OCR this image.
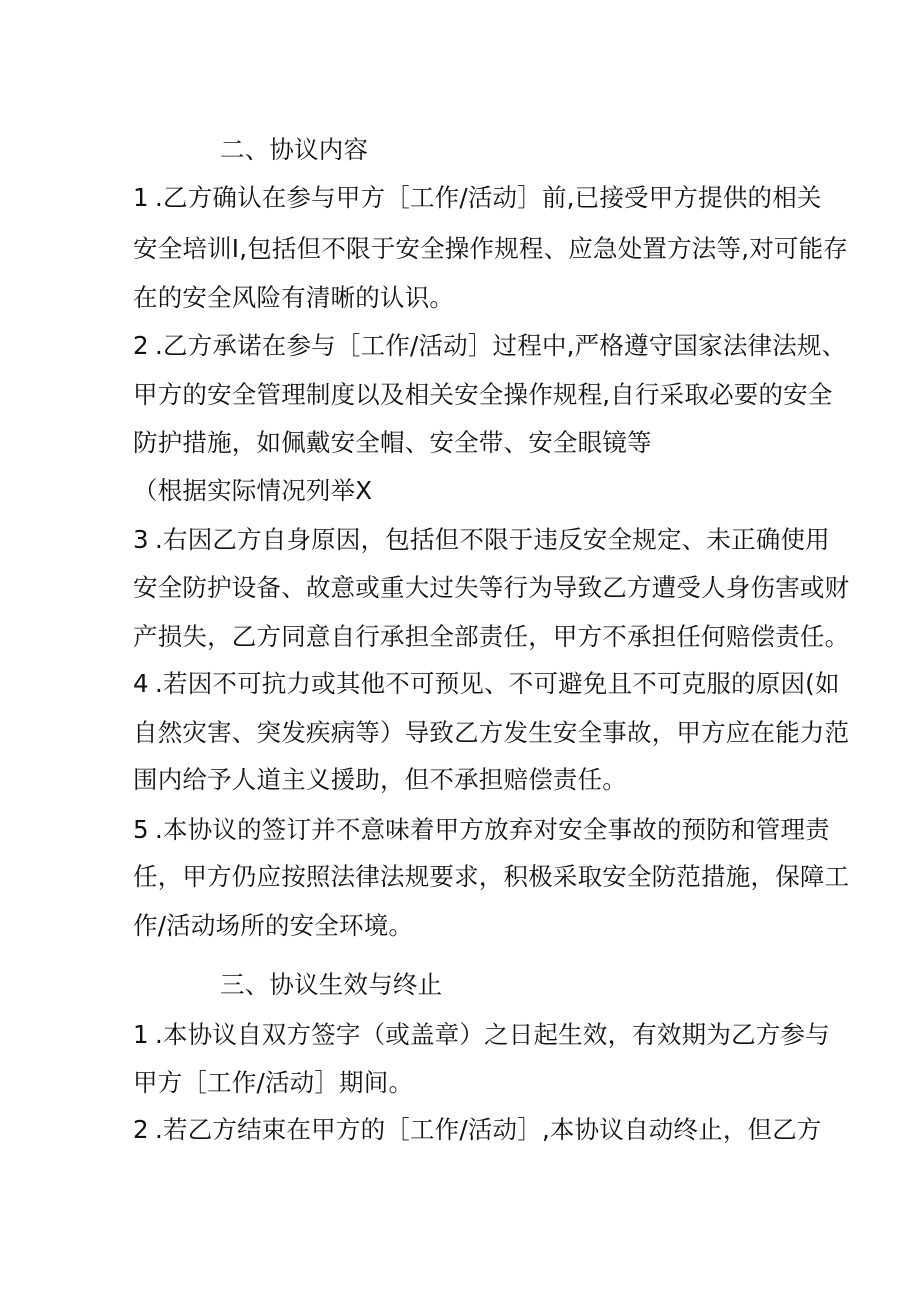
二、协议内容
1 .乙方确认在参与甲方［工作/活动］前,已接受甲方提供的相关
安全培训I,包括但不限于安全操作规程、应急处置方法等,对可能存
在的安全风险有清晰的认识。
2 .乙方承诺在参与［工作/活动］过程中,严格遵守国家法律法规、
甲方的安全管理制度以及相关安全操作规程,自行采取必要的安全
防护措施，如佩戴安全帽、安全带、安全眼镜等
（根据实际情况列举X
3 .右因乙方自身原因，包括但不限于违反安全规定、未正确使用
安全防护设备、故意或重大过失等行为导致乙方遭受人身伤害或财
产损失，乙方同意自行承担全部责任，甲方不承担任何赔偿责任。
4 .若因不可抗力或其他不可预见、不可避免且不可克服的原因(如
自然灾害、突发疾病等）导致乙方发生安全事故，甲方应在能力范
围内给予人道主义援助，但不承担赔偿责任。
5 .本协议的签订并不意味着甲方放弃对安全事故的预防和管理责
任，甲方仍应按照法律法规要求，积极采取安全防范措施，保障工
作/活动场所的安全环境。
三、协议生效与终止
1 .本协议自双方签字（或盖章）之日起生效，有效期为乙方参与
甲方［工作/活动］期间。
2 .若乙方结束在甲方的［工作/活动］,本协议自动终止，但乙方
